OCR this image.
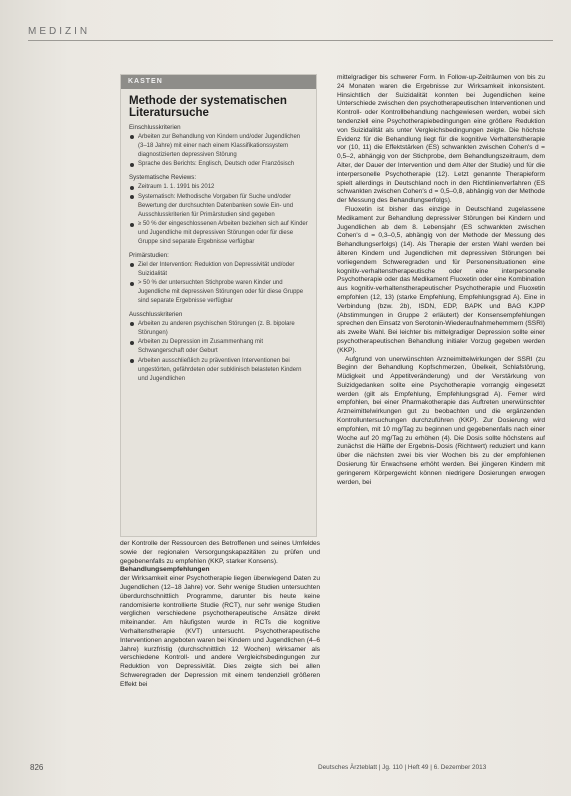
MEDIZIN
KASTEN
Methode der systematischen Literatursuche
Einschlusskriterien
Arbeiten zur Behandlung von Kindern und/oder Jugendlichen (3–18 Jahre) mit einer nach einem Klassifikationssystem diagnostizierten depressiven Störung
Sprache des Berichts: Englisch, Deutsch oder Französisch
Systematische Reviews:
Zeitraum 1. 1. 1991 bis 2012
Systematisch: Methodische Vorgaben für Suche und/oder Bewertung der durchsuchten Datenbanken sowie Ein- und Ausschlusskriterien für Primärstudien sind gegeben
≥ 50 % der eingeschlossenen Arbeiten beziehen sich auf Kinder und Jugendliche mit depressiven Störungen oder für diese Gruppe sind separate Ergebnisse verfügbar
Primärstudien:
Ziel der Intervention: Reduktion von Depressivität und/oder Suizidalität
> 50 % der untersuchten Stichprobe waren Kinder und Jugendliche mit depressiven Störungen oder für diese Gruppe sind separate Ergebnisse verfügbar
Ausschlusskriterien
Arbeiten zu anderen psychischen Störungen (z. B. bipolare Störungen)
Arbeiten zu Depression im Zusammenhang mit Schwangerschaft oder Geburt
Arbeiten ausschließlich zu präventiven Interventionen bei ungestörten, gefährdeten oder subklinisch belasteten Kindern und Jugendlichen

der Kontrolle der Ressourcen des Betroffenen und seines Umfeldes sowie der regionalen Versorgungskapazitäten zu prüfen und gegebenenfalls zu empfehlen (KKP, starker Konsens).

Behandlungsempfehlungen

der Wirksamkeit einer Psychotherapie liegen überwiegend Daten zu Jugendlichen (12–18 Jahre) vor. Sehr wenige Studien untersuchten überdurchschnittlich Programme, darunter bis heute keine randomisierte kontrollierte Studie (RCT), nur sehr wenige Studien verglichen verschiedene psychotherapeutische Ansätze direkt miteinander. Am häufigsten wurde in RCTs die kognitive Verhaltenstherapie (KVT) untersucht. Psychotherapeutische Interventionen angeboten waren bei Kindern und Jugendlichen (4–6 Jahre) kurzfristig (durchschnittlich 12 Wochen) wirksamer als verschiedene Kontroll- und andere Vergleichsbedingungen zur Reduktion von Depressivität. Dies zeigte sich bei allen Schweregraden der Depression mit einem tendenziell größeren Effekt bei

mittelgradiger bis schwerer Form. In Follow-up-Zeiträumen von bis zu 24 Monaten waren die Ergebnisse zur Wirksamkeit inkonsistent. Hinsichtlich der Suizidalität konnten bei Jugendlichen keine Unterschiede zwischen den psychotherapeutischen Interventionen und Kontroll- oder Kontrollbehandlung nachgewiesen werden, wobei sich tendenziell eine Psychotherapiebedingungen eine größere Reduktion von Suizidalität als unter Vergleichsbedingungen zeigte. Die höchste Evidenz für die Behandlung liegt für die kognitive Verhaltenstherapie vor (10, 11) die Effektstärken (ES) schwankten zwischen Cohen's d = 0,5–2, abhängig von der Stichprobe, dem Behandlungszeitraum, dem Alter, der Dauer der Intervention und dem Alter der Studie) und für die interpersonelle Psychotherapie (12). Letzt genannte Therapieform spielt allerdings in Deutschland noch in den Richtlinienverfahren (ES schwankten zwischen Cohen's d = 0,5–0,8, abhängig von der Methode der Messung des Behandlungserfolgs).

Fluoxetin ist bisher das einzige in Deutschland zugelassene Medikament zur Behandlung depressiver Störungen bei Kindern und Jugendlichen ab dem 8. Lebensjahr (ES schwankten zwischen Cohen's d = 0,3–0,5, abhängig von der Methode der Messung des Behandlungserfolgs) (14). Als Therapie der ersten Wahl werden bei älteren Kindern und Jugendlichen mit depressiven Störungen bei vorliegendem Schweregraden und für Personensituationen eine kognitiv-verhaltenstherapeutische oder eine interpersonelle Psychotherapie oder das Medikament Fluoxetin oder eine Kombination aus kognitiv-verhaltenstherapeutischer Psychotherapie und Fluoxetin empfohlen (12, 13) (starke Empfehlung, Empfehlungsgrad A). Eine in Verbindung (bzw. 2b), ISDN, EDP, BAPK und BAG KJPP (Abstimmungen in Gruppe 2 erläutert) der Konsensempfehlungen sprechen den Einsatz von Serotonin-Wiederaufnahmehemmern (SSRI) als zweite Wahl. Bei leichter bis mittelgradiger Depression sollte einer psychotherapeutischen Behandlung initialer Vorzug gegeben werden (KKP).

Aufgrund von unerwünschten Arzneimittelwirkungen der SSRI (zu Beginn der Behandlung Kopfschmerzen, Übelkeit, Schlafstörung, Müdigkeit und Appetitveränderung) und der Verstärkung von Suizidgedanken sollte eine Psychotherapie vorrangig eingesetzt werden (gilt als Empfehlung, Empfehlungsgrad A). Ferner wird empfohlen, bei einer Pharmakotherapie das Auftreten unerwünschter Arzneimittelwirkungen gut zu beobachten und die ergänzenden Kontrolluntersuchungen durchzuführen (KKP). Zur Dosierung wird empfohlen, mit 10 mg/Tag zu beginnen und gegebenenfalls nach einer Woche auf 20 mg/Tag zu erhöhen (4). Die Dosis sollte höchstens auf zunächst die Hälfte der Ergebnis-Dosis (Richtwert) reduziert und kann über die nächsten zwei bis vier Wochen bis zu der empfohlenen Dosierung für Erwachsene erhöht werden. Bei jüngeren Kindern mit geringerem Körpergewicht können niedrigere Dosierungen erwogen werden, bei

826	Deutsches Ärzteblatt | Jg. 110 | Heft 49 | 6. Dezember 2013
